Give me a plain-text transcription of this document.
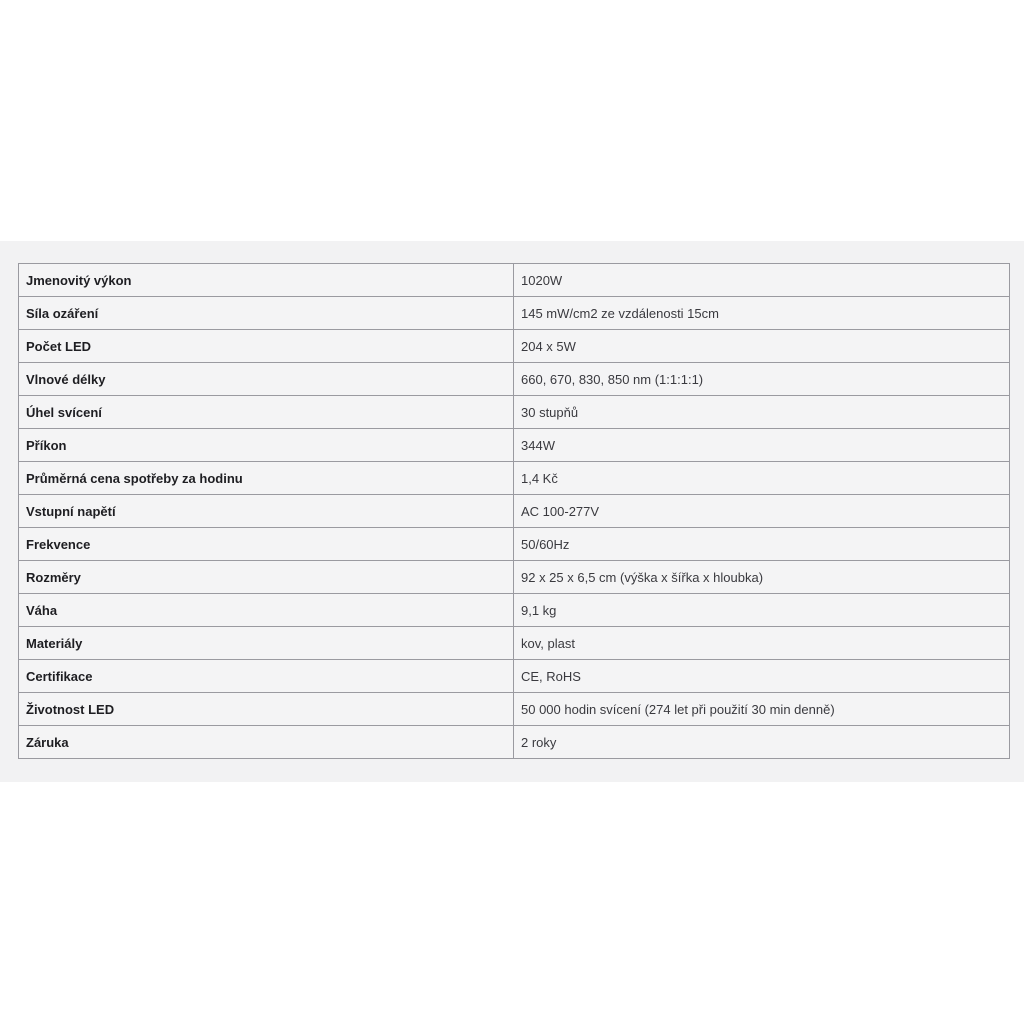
Jmenovitý výkon	1020W
Síla ozáření	145 mW/cm2 ze vzdálenosti 15cm
Počet LED	204 x 5W
Vlnové délky	660, 670, 830, 850 nm (1:1:1:1)
Úhel svícení	30 stupňů
Příkon	344W
Průměrná cena spotřeby za hodinu	1,4 Kč
Vstupní napětí	AC 100-277V
Frekvence	50/60Hz
Rozměry	92 x 25 x 6,5 cm (výška x šířka x hloubka)
Váha	9,1 kg
Materiály	kov, plast
Certifikace	CE, RoHS
Životnost LED	50 000 hodin svícení (274 let při použití 30 min denně)
Záruka	2 roky
